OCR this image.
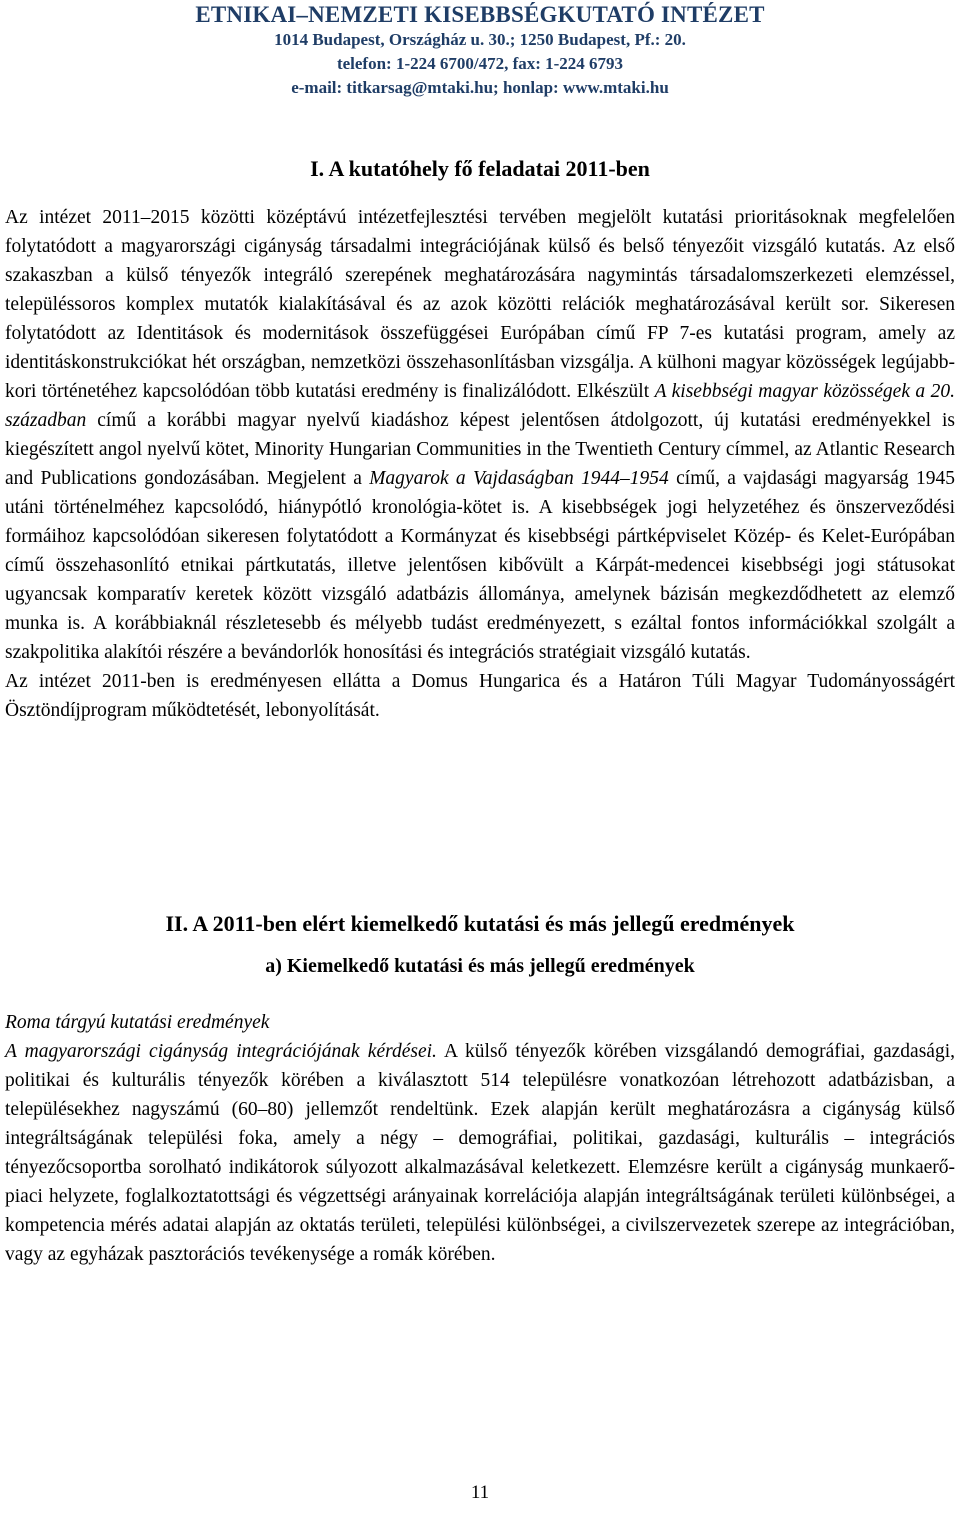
ETNIKAI–NEMZETI KISEBBSÉGKUTATÓ INTÉZET
1014 Budapest, Országház u. 30.; 1250 Budapest, Pf.: 20.
telefon: 1-224 6700/472, fax: 1-224 6793
e-mail: titkarsag@mtaki.hu; honlap: www.mtaki.hu
I. A kutatóhely fő feladatai 2011-ben

Az intézet 2011–2015 közötti középtávú intézetfejlesztési tervében megjelölt kutatási prioritásoknak megfelelően folytatódott a magyarországi cigányság társadalmi integrációjának külső és belső tényezőit vizsgáló kutatás. Az első szakaszban a külső tényezők integráló szerepének meghatározására nagymintás társadalomszerkezeti elemzéssel, településsoros komplex mutatók kialakításával és az azok közötti relációk meghatározásával került sor. Sikeresen folytatódott az Identitások és modernitások összefüggései Európában című FP 7-es kutatási program, amely az identitáskonstrukciókat hét országban, nemzetközi összehasonlításban vizsgálja. A külhoni magyar közösségek legújabb-kori történetéhez kapcsolódóan több kutatási eredmény is finalizálódott. Elkészült A kisebbségi magyar közösségek a 20. században című a korábbi magyar nyelvű kiadáshoz képest jelentősen átdolgozott, új kutatási eredményekkel is kiegészített angol nyelvű kötet, Minority Hungarian Communities in the Twentieth Century címmel, az Atlantic Research and Publications gondozásában. Megjelent a Magyarok a Vajdaságban 1944–1954 című, a vajdasági magyarság 1945 utáni történelméhez kapcsolódó, hiánypótló kronológia-kötet is. A kisebbségek jogi helyzetéhez és önszerveződési formáihoz kapcsolódóan sikeresen folytatódott a Kormányzat és kisebbségi pártképviselet Közép- és Kelet-Európában című összehasonlító etnikai pártkutatás, illetve jelentősen kibővült a Kárpát-medencei kisebbségi jogi státusokat ugyancsak komparatív keretek között vizsgáló adatbázis állománya, amelynek bázisán megkezdődhetett az elemző munka is. A korábbiaknál részletesebb és mélyebb tudást eredményezett, s ezáltal fontos információkkal szolgált a szakpolitika alakítói részére a bevándorlók honosítási és integrációs stratégiait vizsgáló kutatás.

Az intézet 2011-ben is eredményesen ellátta a Domus Hungarica és a Határon Túli Magyar Tudományosságért Ösztöndíjprogram működtetését, lebonyolítását.

II. A 2011-ben elért kiemelkedő kutatási és más jellegű eredmények
a) Kiemelkedő kutatási és más jellegű eredmények

Roma tárgyú kutatási eredmények

A magyarországi cigányság integrációjának kérdései. A külső tényezők körében vizsgálandó demográfiai, gazdasági, politikai és kulturális tényezők körében a kiválasztott 514 településre vonatkozóan létrehozott adatbázisban, a településekhez nagyszámú (60–80) jellemzőt rendeltünk. Ezek alapján került meghatározásra a cigányság külső integráltságának települési foka, amely a négy – demográfiai, politikai, gazdasági, kulturális – integrációs tényezőcsoportba sorolható indikátorok súlyozott alkalmazásával keletkezett. Elemzésre került a cigányság munkaerő-piaci helyzete, foglalkoztatottsági és végzettségi arányainak korrelációja alapján integráltságának területi különbségei, a kompetencia mérés adatai alapján az oktatás területi, települési különbségei, a civilszervezetek szerepe az integrációban, vagy az egyházak pasztorációs tevékenysége a romák körében.

11
